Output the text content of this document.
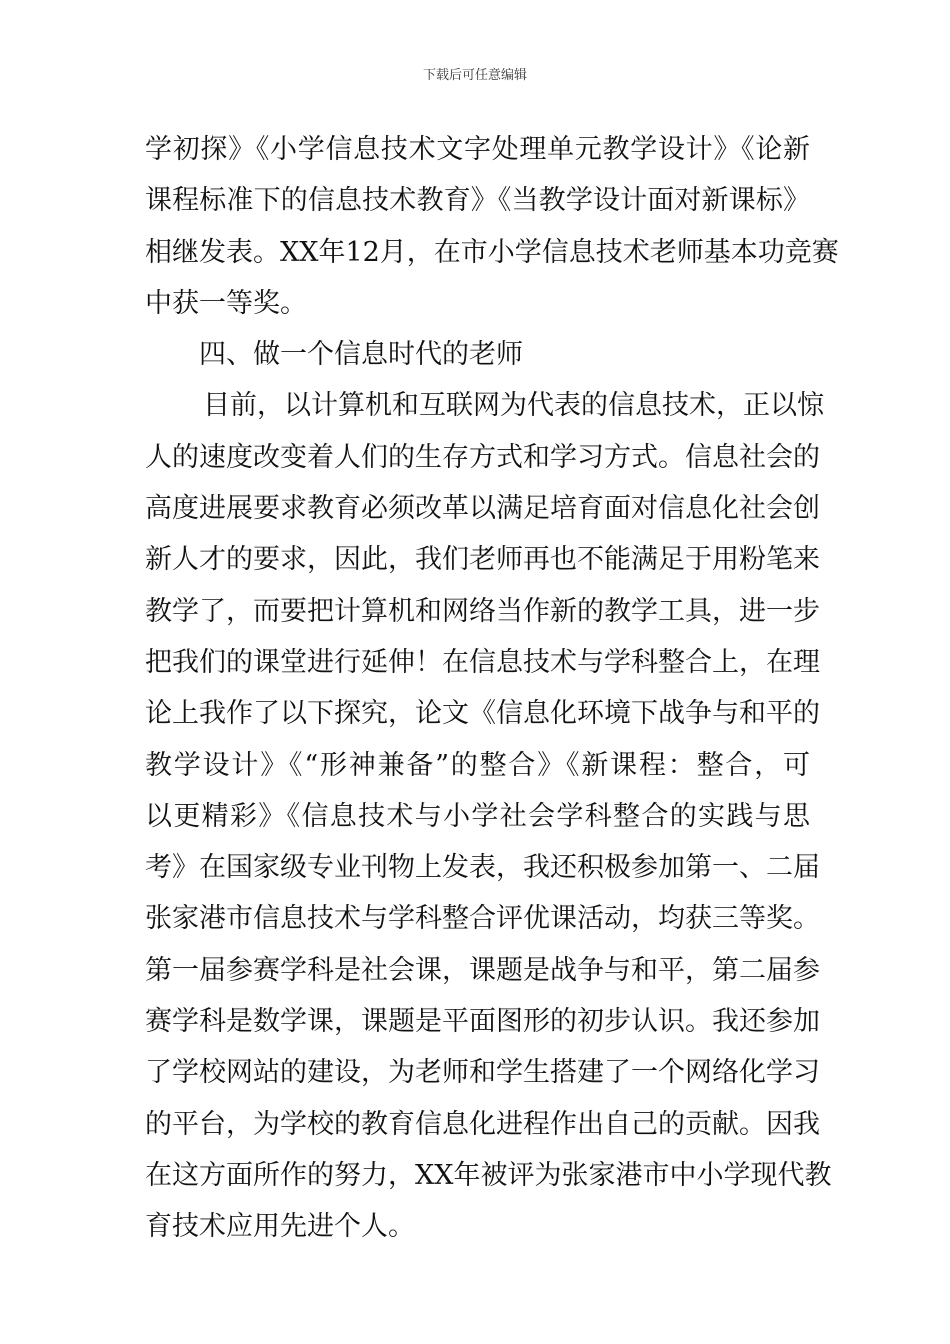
下载后可任意编辑
学初探》《小学信息技术文字处理单元教学设计》《论新
课程标准下的信息技术教育》《当教学设计面对新课标》
相继发表。XX年12月，在市小学信息技术老师基本功竞赛
中获一等奖。
四、做一个信息时代的老师
目前，以计算机和互联网为代表的信息技术，正以惊
人的速度改变着人们的生存方式和学习方式。信息社会的
高度进展要求教育必须改革以满足培育面对信息化社会创
新人才的要求，因此，我们老师再也不能满足于用粉笔来
教学了，而要把计算机和网络当作新的教学工具，进一步
把我们的课堂进行延伸！在信息技术与学科整合上，在理
论上我作了以下探究，论文《信息化环境下战争与和平的
教学设计》《“形神兼备”的整合》《新课程：整合，可
以更精彩》《信息技术与小学社会学科整合的实践与思
考》在国家级专业刊物上发表，我还积极参加第一、二届
张家港市信息技术与学科整合评优课活动，均获三等奖。
第一届参赛学科是社会课，课题是战争与和平，第二届参
赛学科是数学课，课题是平面图形的初步认识。我还参加
了学校网站的建设，为老师和学生搭建了一个网络化学习
的平台，为学校的教育信息化进程作出自己的贡献。因我
在这方面所作的努力，XX年被评为张家港市中小学现代教
育技术应用先进个人。
